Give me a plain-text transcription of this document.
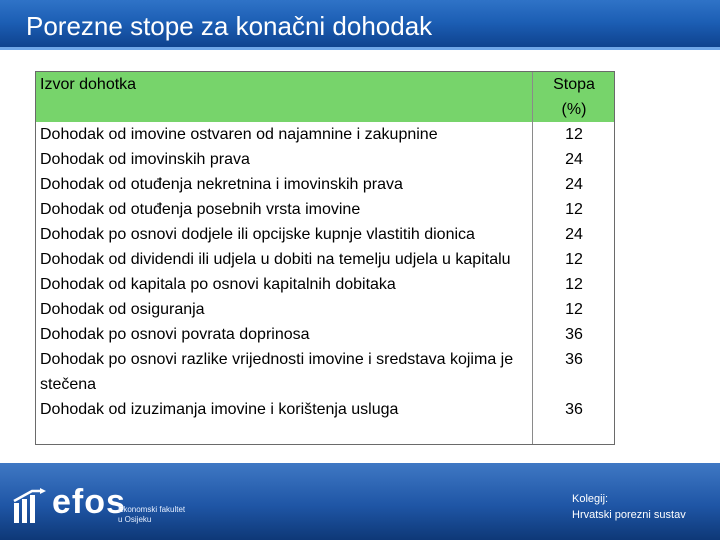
Porezne stope za konačni dohodak
Izvor dohotka	Stopa
(%)

Dohodak od imovine ostvaren od najamnine i zakupnine	12
Dohodak od imovinskih prava	24
Dohodak od otuđenja nekretnina i imovinskih prava	24
Dohodak od otuđenja posebnih vrsta imovine	12
Dohodak po osnovi dodjele ili opcijske kupnje vlastitih dionica	24
Dohodak od dividendi ili udjela u dobiti na temelju udjela u kapitalu	12
Dohodak od kapitala po osnovi kapitalnih dobitaka	12
Dohodak od osiguranja	12
Dohodak po osnovi povrata doprinosa	36
Dohodak po osnovi razlike vrijednosti imovine i sredstava kojima je stečena	36
Dohodak od izuzimanja imovine i korištenja usluga	36
efos
Ekonomski fakultet
u Osijeku
Kolegij:
Hrvatski porezni sustav
